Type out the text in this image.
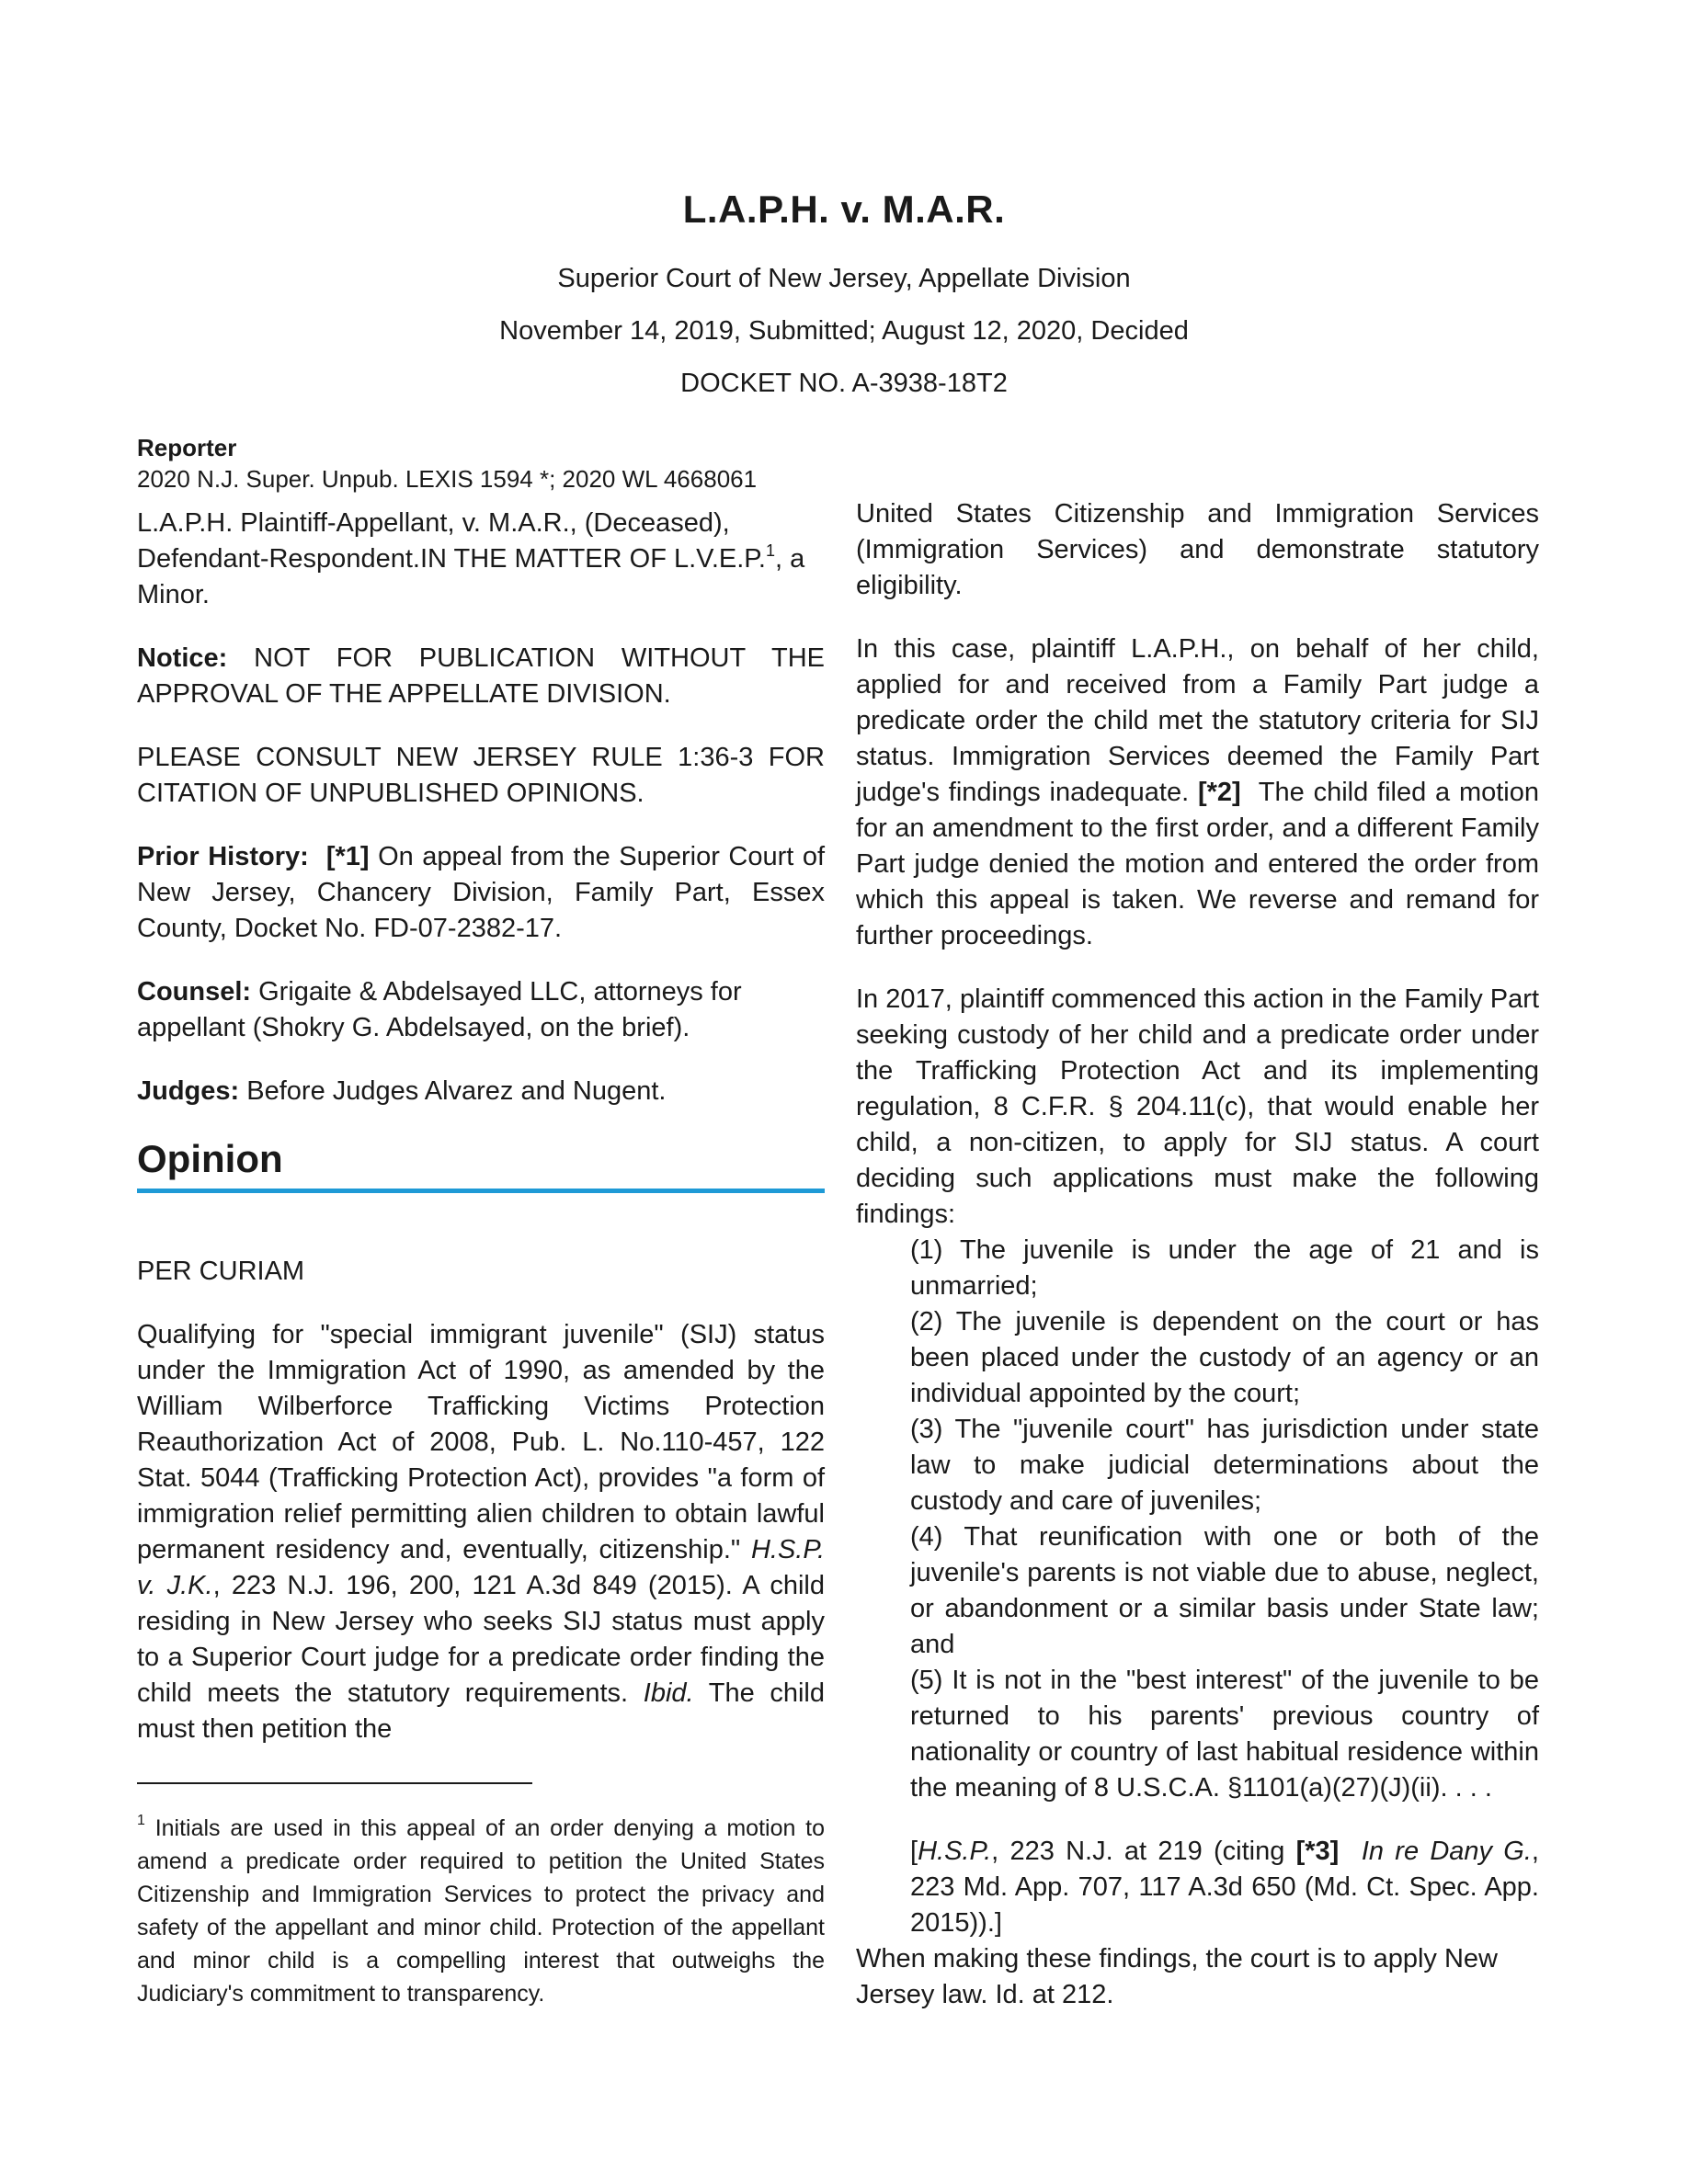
L.A.P.H. v. M.A.R.

Superior Court of New Jersey, Appellate Division

November 14, 2019, Submitted; August 12, 2020, Decided

DOCKET NO. A-3938-18T2

Reporter

2020 N.J. Super. Unpub. LEXIS 1594 *; 2020 WL 4668061

L.A.P.H. Plaintiff-Appellant, v. M.A.R., (Deceased), Defendant-Respondent.IN THE MATTER OF L.V.E.P.$^1$, a Minor.

Notice: NOT FOR PUBLICATION WITHOUT THE APPROVAL OF THE APPELLATE DIVISION.

PLEASE CONSULT NEW JERSEY RULE 1:36-3 FOR CITATION OF UNPUBLISHED OPINIONS.

Prior History: [*1] On appeal from the Superior Court of New Jersey, Chancery Division, Family Part, Essex County, Docket No. FD-07-2382-17.

Counsel: Grigaite & Abdelsayed LLC, attorneys for appellant (Shokry G. Abdelsayed, on the brief).

Judges: Before Judges Alvarez and Nugent.

Opinion

PER CURIAM

Qualifying for "special immigrant juvenile" (SIJ) status under the Immigration Act of 1990, as amended by the William Wilberforce Trafficking Victims Protection Reauthorization Act of 2008, Pub. L. No.110-457, 122 Stat. 5044 (Trafficking Protection Act), provides "a form of immigration relief permitting alien children to obtain lawful permanent residency and, eventually, citizenship." H.S.P. v. J.K., 223 N.J. 196, 200, 121 A.3d 849 (2015). A child residing in New Jersey who seeks SIJ status must apply to a Superior Court judge for a predicate order finding the child meets the statutory requirements. Ibid. The child must then petition the

$^1$ Initials are used in this appeal of an order denying a motion to amend a predicate order required to petition the United States Citizenship and Immigration Services to protect the privacy and safety of the appellant and minor child. Protection of the appellant and minor child is a compelling interest that outweighs the Judiciary's commitment to transparency.

United States Citizenship and Immigration Services (Immigration Services) and demonstrate statutory eligibility.

In this case, plaintiff L.A.P.H., on behalf of her child, applied for and received from a Family Part judge a predicate order the child met the statutory criteria for SIJ status. Immigration Services deemed the Family Part judge's findings inadequate. [*2] The child filed a motion for an amendment to the first order, and a different Family Part judge denied the motion and entered the order from which this appeal is taken. We reverse and remand for further proceedings.

In 2017, plaintiff commenced this action in the Family Part seeking custody of her child and a predicate order under the Trafficking Protection Act and its implementing regulation, 8 C.F.R. § 204.11(c), that would enable her child, a non-citizen, to apply for SIJ status. A court deciding such applications must make the following findings:

(1) The juvenile is under the age of 21 and is unmarried;

(2) The juvenile is dependent on the court or has been placed under the custody of an agency or an individual appointed by the court;

(3) The "juvenile court" has jurisdiction under state law to make judicial determinations about the custody and care of juveniles;

(4) That reunification with one or both of the juvenile's parents is not viable due to abuse, neglect, or abandonment or a similar basis under State law; and

(5) It is not in the "best interest" of the juvenile to be returned to his parents' previous country of nationality or country of last habitual residence within the meaning of 8 U.S.C.A. §1101(a)(27)(J)(ii). . . .

[H.S.P., 223 N.J. at 219 (citing [*3] In re Dany G., 223 Md. App. 707, 117 A.3d 650 (Md. Ct. Spec. App. 2015)).]

When making these findings, the court is to apply New Jersey law. Id. at 212.
